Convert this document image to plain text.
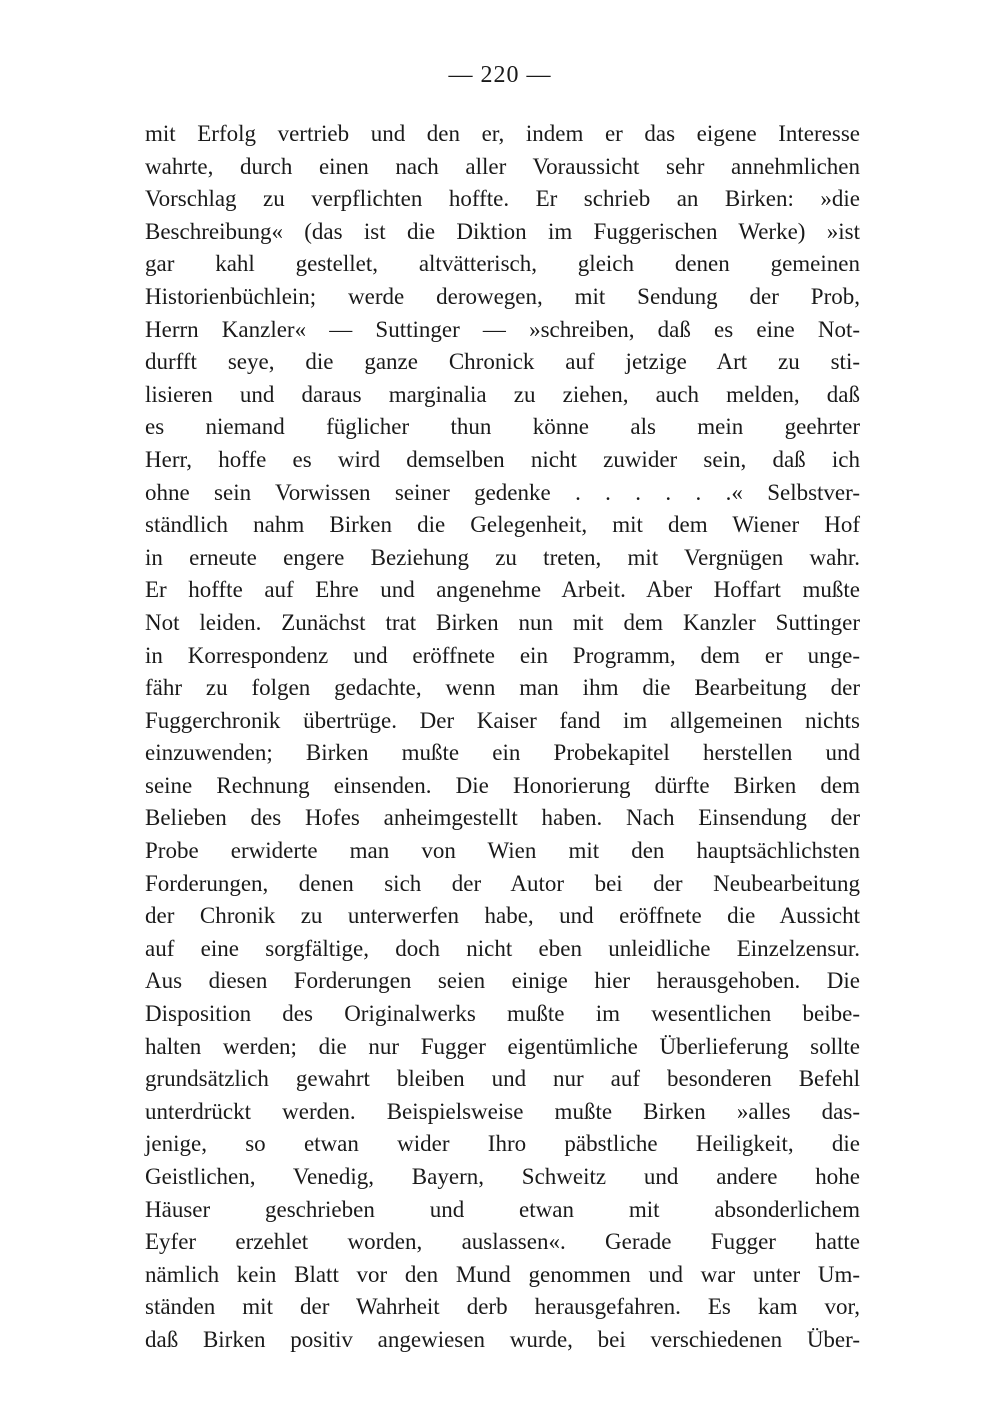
— 220 —
mit Erfolg vertrieb und den er, indem er das eigene Interesse
wahrte, durch einen nach aller Voraussicht sehr annehmlichen
Vorschlag zu verpflichten hoffte. Er schrieb an Birken: »die
Beschreibung« (das ist die Diktion im Fuggerischen Werke) »ist
gar kahl gestellet, altvätterisch, gleich denen gemeinen
Historienbüchlein; werde derowegen, mit Sendung der Prob,
Herrn Kanzler« — Suttinger — »schreiben, daß es eine Not-
durfft seye, die ganze Chronick auf jetzige Art zu sti-
lisieren und daraus marginalia zu ziehen, auch melden, daß
es niemand füglicher thun könne als mein geehrter
Herr, hoffe es wird demselben nicht zuwider sein, daß ich
ohne sein Vorwissen seiner gedenke . . . . . .« Selbstver-
ständlich nahm Birken die Gelegenheit, mit dem Wiener Hof
in erneute engere Beziehung zu treten, mit Vergnügen wahr.
Er hoffte auf Ehre und angenehme Arbeit. Aber Hoffart mußte
Not leiden. Zunächst trat Birken nun mit dem Kanzler Suttinger
in Korrespondenz und eröffnete ein Programm, dem er unge-
fähr zu folgen gedachte, wenn man ihm die Bearbeitung der
Fuggerchronik übertrüge. Der Kaiser fand im allgemeinen nichts
einzuwenden; Birken mußte ein Probekapitel herstellen und
seine Rechnung einsenden. Die Honorierung dürfte Birken dem
Belieben des Hofes anheimgestellt haben. Nach Einsendung der
Probe erwiderte man von Wien mit den hauptsächlichsten
Forderungen, denen sich der Autor bei der Neubearbeitung
der Chronik zu unterwerfen habe, und eröffnete die Aussicht
auf eine sorgfältige, doch nicht eben unleidliche Einzelzensur.
Aus diesen Forderungen seien einige hier herausgehoben. Die
Disposition des Originalwerks mußte im wesentlichen beibe-
halten werden; die nur Fugger eigentümliche Überlieferung sollte
grundsätzlich gewahrt bleiben und nur auf besonderen Befehl
unterdrückt werden. Beispielsweise mußte Birken »alles das-
jenige, so etwan wider Ihro päbstliche Heiligkeit, die
Geistlichen, Venedig, Bayern, Schweitz und andere hohe
Häuser geschrieben und etwan mit absonderlichem
Eyfer erzehlet worden, auslassen«. Gerade Fugger hatte
nämlich kein Blatt vor den Mund genommen und war unter Um-
ständen mit der Wahrheit derb herausgefahren. Es kam vor,
daß Birken positiv angewiesen wurde, bei verschiedenen Über-
